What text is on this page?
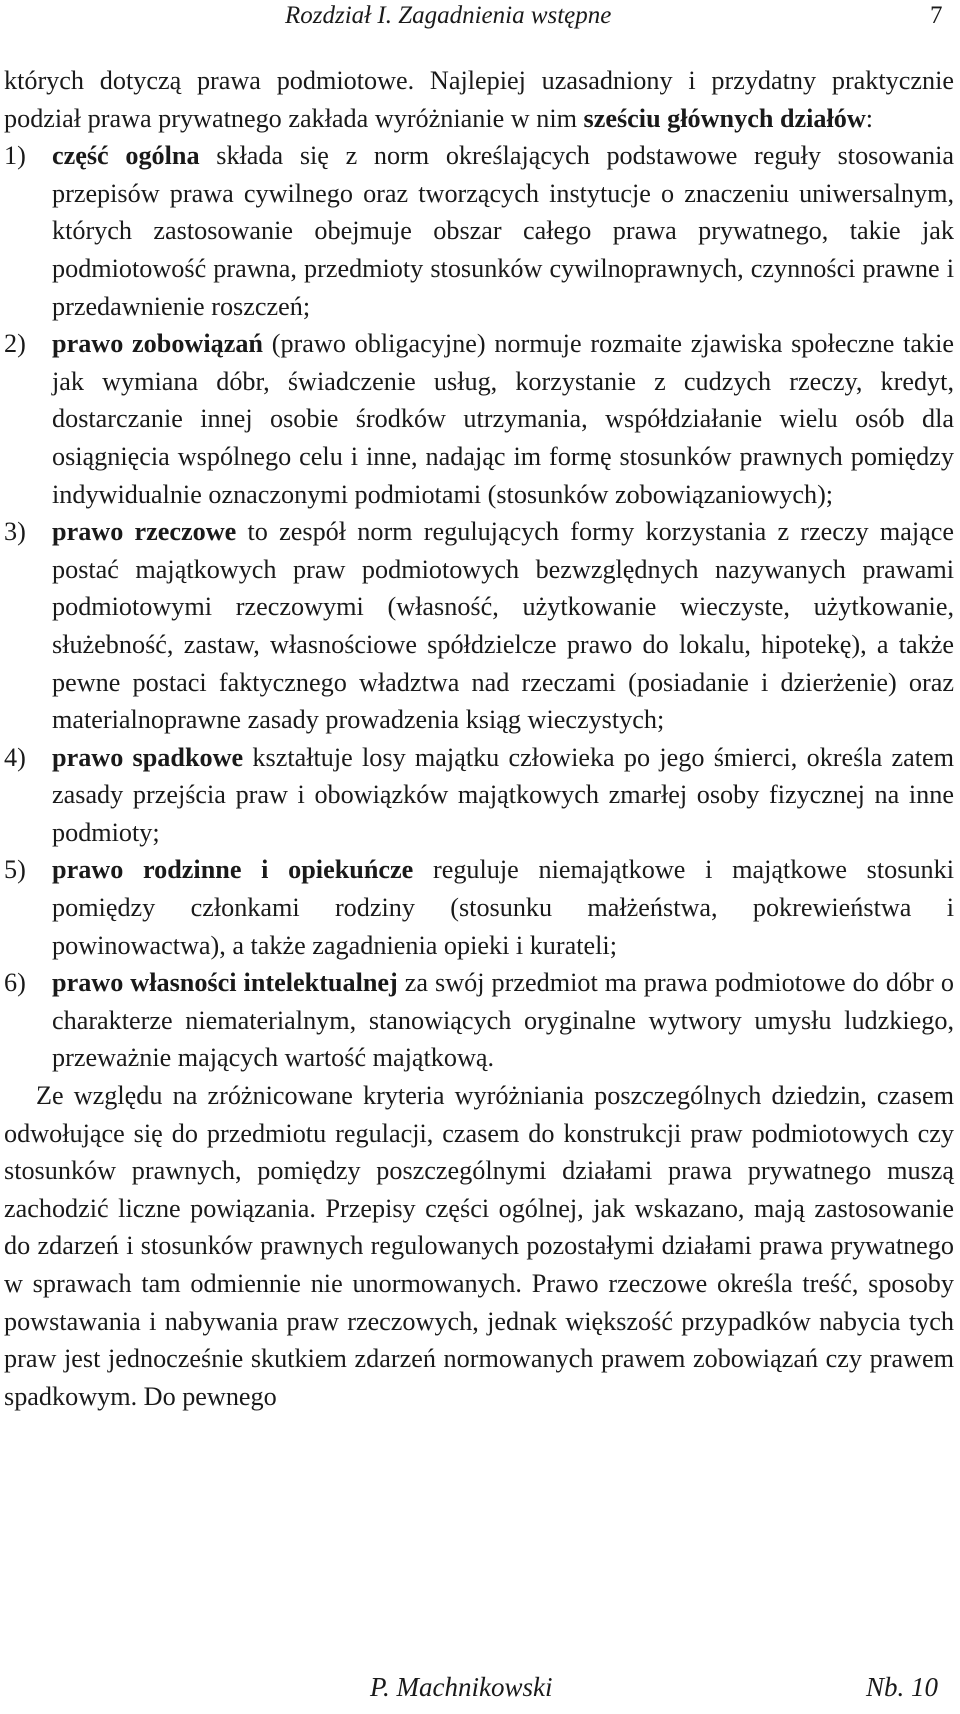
Rozdział I. Zagadnienia wstępne	7

których dotyczą prawa podmiotowe. Najlepiej uzasadniony i przydatny praktycznie podział prawa prywatnego zakłada wyróżnianie w nim sześciu głównych działów:

1) część ogólna składa się z norm określających podstawowe reguły stosowania przepisów prawa cywilnego oraz tworzących instytucje o znaczeniu uniwersalnym, których zastosowanie obejmuje obszar całego prawa prywatnego, takie jak podmiotowość prawna, przedmioty stosunków cywilnoprawnych, czynności prawne i przedawnienie roszczeń;
2) prawo zobowiązań (prawo obligacyjne) normuje rozmaite zjawiska społeczne takie jak wymiana dóbr, świadczenie usług, korzystanie z cudzych rzeczy, kredyt, dostarczanie innej osobie środków utrzymania, współdziałanie wielu osób dla osiągnięcia wspólnego celu i inne, nadając im formę stosunków prawnych pomiędzy indywidualnie oznaczonymi podmiotami (stosunków zobowiązaniowych);
3) prawo rzeczowe to zespół norm regulujących formy korzystania z rzeczy mające postać majątkowych praw podmiotowych bezwzględnych nazywanych prawami podmiotowymi rzeczowymi (własność, użytkowanie wieczyste, użytkowanie, służebność, zastaw, własnościowe spółdzielcze prawo do lokalu, hipotekę), a także pewne postaci faktycznego władztwa nad rzeczami (posiadanie i dzierżenie) oraz materialnoprawne zasady prowadzenia ksiąg wieczystych;
4) prawo spadkowe kształtuje losy majątku człowieka po jego śmierci, określa zatem zasady przejścia praw i obowiązków majątkowych zmarłej osoby fizycznej na inne podmioty;
5) prawo rodzinne i opiekuńcze reguluje niemajątkowe i majątkowe stosunki pomiędzy członkami rodziny (stosunku małżeństwa, pokrewieństwa i powinowactwa), a także zagadnienia opieki i kurateli;
6) prawo własności intelektualnej za swój przedmiot ma prawa podmiotowe do dóbr o charakterze niematerialnym, stanowiących oryginalne wytwory umysłu ludzkiego, przeważnie mających wartość majątkową.

Ze względu na zróżnicowane kryteria wyróżniania poszczególnych dziedzin, czasem odwołujące się do przedmiotu regulacji, czasem do konstrukcji praw podmiotowych czy stosunków prawnych, pomiędzy poszczególnymi działami prawa prywatnego muszą zachodzić liczne powiązania. Przepisy części ogólnej, jak wskazano, mają zastosowanie do zdarzeń i stosunków prawnych regulowanych pozostałymi działami prawa prywatnego w sprawach tam odmiennie nie unormowanych. Prawo rzeczowe określa treść, sposoby powstawania i nabywania praw rzeczowych, jednak większość przypadków nabycia tych praw jest jednocześnie skutkiem zdarzeń normowanych prawem zobowiązań czy prawem spadkowym. Do pewnego

P. Machnikowski	Nb. 10
